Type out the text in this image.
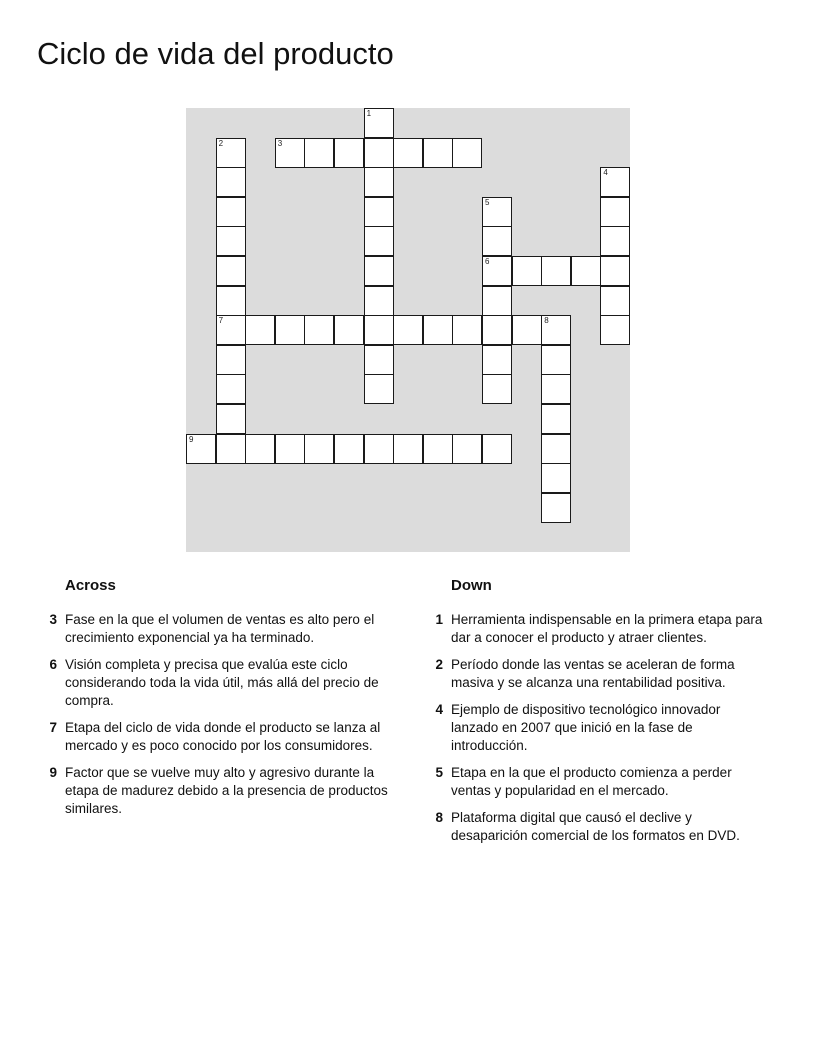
Ciclo de vida del producto
1
2
7
3
4
5
6
8
9
Across
3 Fase en la que el volumen de ventas es alto pero el crecimiento exponencial ya ha terminado.
6 Visión completa y precisa que evalúa este ciclo considerando toda la vida útil, más allá del precio de compra.
7 Etapa del ciclo de vida donde el producto se lanza al mercado y es poco conocido por los consumidores.
9 Factor que se vuelve muy alto y agresivo durante la etapa de madurez debido a la presencia de productos similares.
Down
1 Herramienta indispensable en la primera etapa para dar a conocer el producto y atraer clientes.
2 Período donde las ventas se aceleran de forma masiva y se alcanza una rentabilidad positiva.
4 Ejemplo de dispositivo tecnológico innovador lanzado en 2007 que inició en la fase de introducción.
5 Etapa en la que el producto comienza a perder ventas y popularidad en el mercado.
8 Plataforma digital que causó el declive y desaparición comercial de los formatos en DVD.
